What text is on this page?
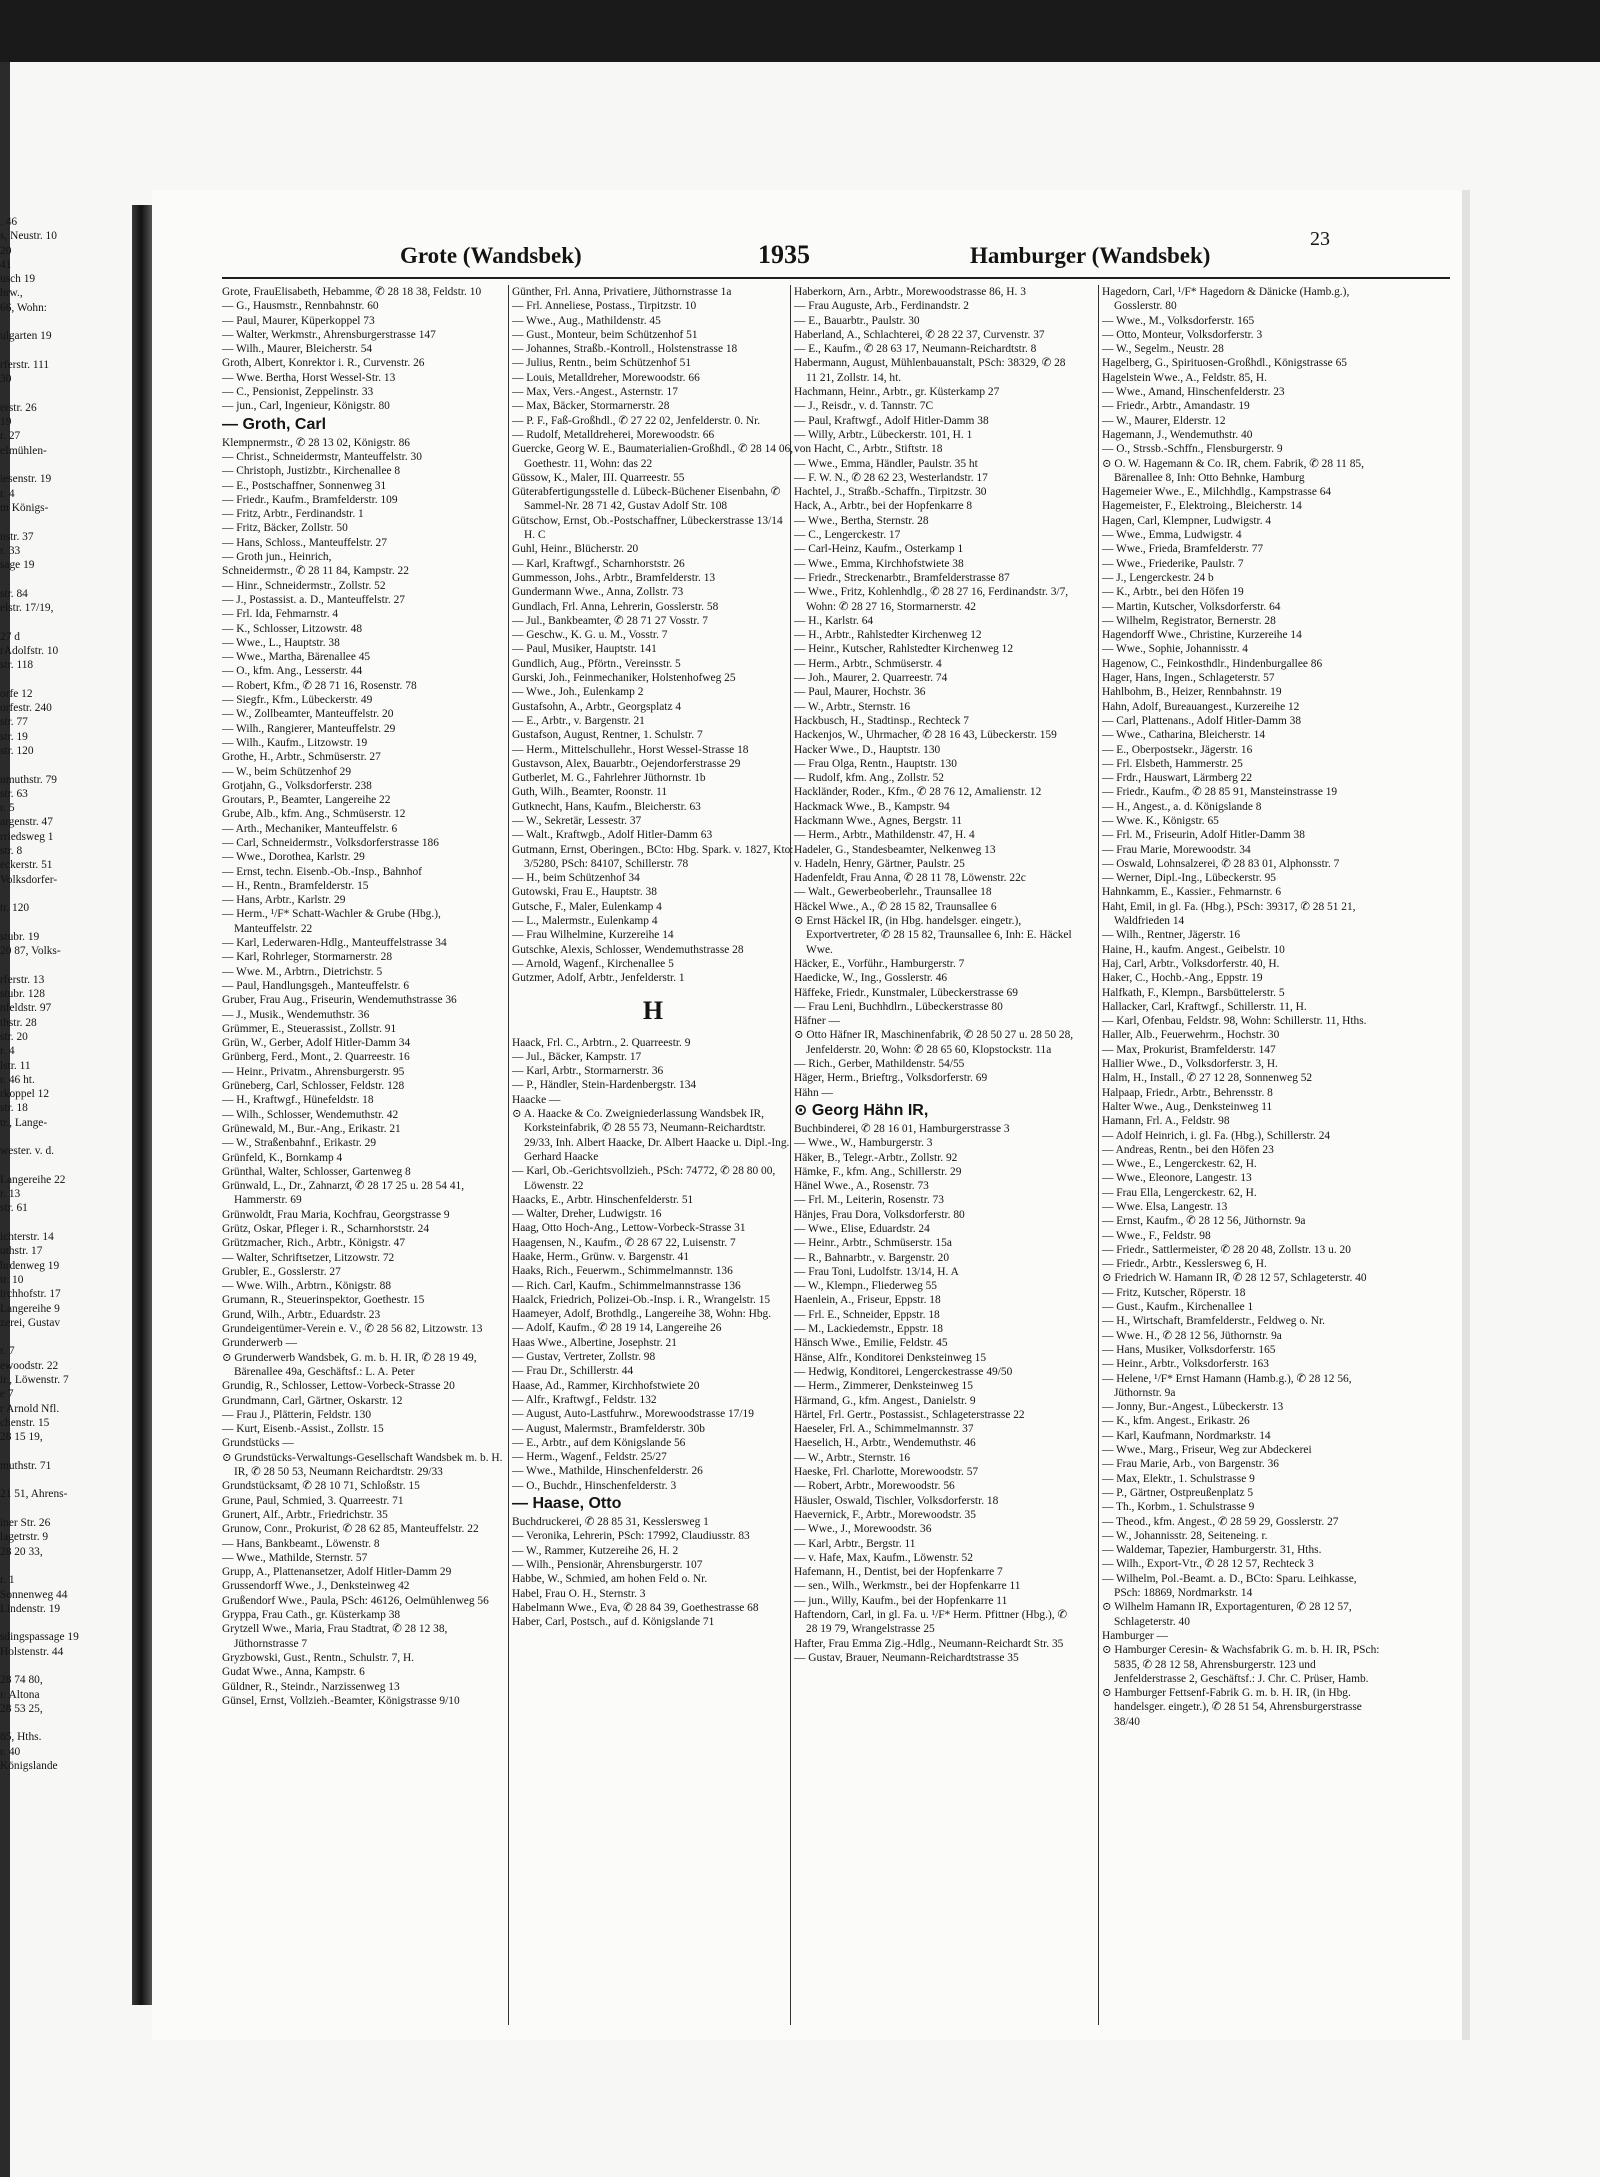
. 46
s, Neustr. 10
20
41
usch 19
hrw.,
66, Wohn:

ulgarten 19

rferstr. 111
30

erstr. 26
19
r. 27
eImühlen-

iesenstr. 19
r. 4
m Königs-

nstr. 37
r. 33
sage 19

str. 84
elstr. 17/19,

27 d
rAdolfstr. 10
str. 118

orfe 12
orfestr. 240
str. 77
str. 19
str. 120

nmuthstr. 79
str. 63
r. 5
argenstr. 47
rriedsweg 1
str. 8
eckerstr. 51
Volksdorfer-

tr. 120

stubr. 19
20 87, Volks-

rferstr. 13
stubr. 128
nfeldstr. 97
thstr. 28
str. 20
r. 4
lstr. 11
r. 46 ht.
rkoppel 12
str. 18
tr., Lange-

wester. v. d.

Langereihe 22
r. 13
str. 61

ichterstr. 14
uthstr. 17
hrdenweg 19
tr. 10
irchhofstr. 17
Langereihe 9
zerei, Gustav

r. 7
ewoodstr. 22
ir., Löwenstr. 7
e 7
r Arnold Nfl.
chenstr. 15
28 15 19,

muthstr. 71

21 51, Ahrens-

iner Str. 26
lagetrstr. 9
28 20 33,

r. 1
Sonnenweg 44
Lindenstr. 19

sdingspassage 19
Holstenstr. 44

28 74 80,
ı: Altona
28 53 25,

85, Hths.
r. 40
Königslande
Grote (Wandsbek)	1935	Hamburger (Wandsbek)
23

Grote, FrauElisabeth, Hebamme, ✆ 28 18 38, Feldstr. 10

— G., Hausmstr., Rennbahnstr. 60

— Paul, Maurer, Küperkoppel 73

— Walter, Werkmstr., Ahrensburgerstrasse 147

— Wilh., Maurer, Bleicherstr. 54

Groth, Albert, Konrektor i. R., Curvenstr. 26

— Wwe. Bertha, Horst Wessel-Str. 13

— C., Pensionist, Zeppelinstr. 33

— jun., Carl, Ingenieur, Königstr. 80

— Groth, Carl

Klempnermstr., ✆ 28 13 02, Königstr. 86

— Christ., Schneidermstr, Manteuffelstr. 30

— Christoph, Justizbtr., Kirchenallee 8

— E., Postschaffner, Sonnenweg 31

— Friedr., Kaufm., Bramfelderstr. 109

— Fritz, Arbtr., Ferdinandstr. 1

— Fritz, Bäcker, Zollstr. 50

— Hans, Schloss., Manteuffelstr. 27

— Groth jun., Heinrich,

Schneidermstr., ✆ 28 11 84, Kampstr. 22

— Hinr., Schneidermstr., Zollstr. 52

— J., Postassist. a. D., Manteuffelstr. 27

— Frl. Ida, Fehmarnstr. 4

— K., Schlosser, Litzowstr. 48

— Wwe., L., Hauptstr. 38

— Wwe., Martha, Bärenallee 45

— O., kfm. Ang., Lesserstr. 44

— Robert, Kfm., ✆ 28 71 16, Rosenstr. 78

— Siegfr., Kfm., Lübeckerstr. 49

— W., Zollbeamter, Manteuffelstr. 20

— Wilh., Rangierer, Manteuffelstr. 29

— Wilh., Kaufm., Litzowstr. 19

Grothe, H., Arbtr., Schmüserstr. 27

— W., beim Schützenhof 29

Grotjahn, G., Volksdorferstr. 238

Groutars, P., Beamter, Langereihe 22

Grube, Alb., kfm. Ang., Schmüserstr. 12

— Arth., Mechaniker, Manteuffelstr. 6

— Carl, Schneidermstr., Volksdorferstrasse 186

— Wwe., Dorothea, Karlstr. 29

— Ernst, techn. Eisenb.-Ob.-Insp., Bahnhof

— H., Rentn., Bramfelderstr. 15

— Hans, Arbtr., Karlstr. 29

— Herm., ¹/F* Schatt-Wachler & Grube (Hbg.), Manteuffelstr. 22

— Karl, Lederwaren-Hdlg., Manteuffelstrasse 34

— Karl, Rohrleger, Stormarnerstr. 28

— Wwe. M., Arbtrn., Dietrichstr. 5

— Paul, Handlungsgeh., Manteuffelstr. 6

Gruber, Frau Aug., Friseurin, Wendemuthstrasse 36

— J., Musik., Wendemuthstr. 36

Grümmer, E., Steuerassist., Zollstr. 91

Grün, W., Gerber, Adolf Hitler-Damm 34

Grünberg, Ferd., Mont., 2. Quarreestr. 16

— Heinr., Privatm., Ahrensburgerstr. 95

Grüneberg, Carl, Schlosser, Feldstr. 128

— H., Kraftwgf., Hünefeldstr. 18

— Wilh., Schlosser, Wendemuthstr. 42

Grünewald, M., Bur.-Ang., Erikastr. 21

— W., Straßenbahnf., Erikastr. 29

Grünfeld, K., Bornkamp 4

Grünthal, Walter, Schlosser, Gartenweg 8

Grünwald, L., Dr., Zahnarzt, ✆ 28 17 25 u. 28 54 41, Hammerstr. 69

Grünwoldt, Frau Maria, Kochfrau, Georgstrasse 9

Grütz, Oskar, Pfleger i. R., Scharnhorststr. 24

Grützmacher, Rich., Arbtr., Königstr. 47

— Walter, Schriftsetzer, Litzowstr. 72

Grubler, E., Gosslerstr. 27

— Wwe. Wilh., Arbtrn., Königstr. 88

Grumann, R., Steuerinspektor, Goethestr. 15

Grund, Wilh., Arbtr., Eduardstr. 23

Grundeigentümer-Verein e. V., ✆ 28 56 82, Litzowstr. 13

Grunderwerb —

⊙ Grunderwerb Wandsbek, G. m. b. H. IR, ✆ 28 19 49, Bärenallee 49a, Geschäftsf.: L. A. Peter

Grundig, R., Schlosser, Lettow-Vorbeck-Strasse 20

Grundmann, Carl, Gärtner, Oskarstr. 12

— Frau J., Plätterin, Feldstr. 130

— Kurt, Eisenb.-Assist., Zollstr. 15

Grundstücks —

⊙ Grundstücks-Verwaltungs-Gesellschaft Wandsbek m. b. H. IR, ✆ 28 50 53, Neumann Reichardtstr. 29/33

Grundstücksamt, ✆ 28 10 71, Schloßstr. 15

Grune, Paul, Schmied, 3. Quarreestr. 71

Grunert, Alf., Arbtr., Friedrichstr. 35

Grunow, Conr., Prokurist, ✆ 28 62 85, Manteuffelstr. 22

— Hans, Bankbeamt., Löwenstr. 8

— Wwe., Mathilde, Sternstr. 57

Grupp, A., Plattenansetzer, Adolf Hitler-Damm 29

Grussendorff Wwe., J., Denksteinweg 42

Grußendorf Wwe., Paula, PSch: 46126, Oelmühlenweg 56

Gryppa, Frau Cath., gr. Küsterkamp 38

Grytzell Wwe., Maria, Frau Stadtrat, ✆ 28 12 38, Jüthornstrasse 7

Gryzbowski, Gust., Rentn., Schulstr. 7, H.

Gudat Wwe., Anna, Kampstr. 6

Güldner, R., Steindr., Narzissenweg 13

Günsel, Ernst, Vollzieh.-Beamter, Königstrasse 9/10

Günther, Frl. Anna, Privatiere, Jüthornstrasse 1a

— Frl. Anneliese, Postass., Tirpitzstr. 10

— Wwe., Aug., Mathildenstr. 45

— Gust., Monteur, beim Schützenhof 51

— Johannes, Straßb.-Kontroll., Holstenstrasse 18

— Julius, Rentn., beim Schützenhof 51

— Louis, Metalldreher, Morewoodstr. 66

— Max, Vers.-Angest., Asternstr. 17

— Max, Bäcker, Stormarnerstr. 28

— P. F., Faß-Großhdl., ✆ 27 22 02, Jenfelderstr. 0. Nr.

— Rudolf, Metalldreherei, Morewoodstr. 66

Guercke, Georg W. E., Baumaterialien-Großhdl., ✆ 28 14 06, Goethestr. 11, Wohn: das 22

Güssow, K., Maler, III. Quarreestr. 55

Güterabfertigungsstelle d. Lübeck-Büchener Eisenbahn, ✆ Sammel-Nr. 28 71 42, Gustav Adolf Str. 108

Gütschow, Ernst, Ob.-Postschaffner, Lübeckerstrasse 13/14 H. C

Guhl, Heinr., Blücherstr. 20

— Karl, Kraftwgf., Scharnhorststr. 26

Gummesson, Johs., Arbtr., Bramfelderstr. 13

Gundermann Wwe., Anna, Zollstr. 73

Gundlach, Frl. Anna, Lehrerin, Gosslerstr. 58

— Jul., Bankbeamter, ✆ 28 71 27 Vosstr. 7

— Geschw., K. G. u. M., Vosstr. 7

— Paul, Musiker, Hauptstr. 141

Gundlich, Aug., Pförtn., Vereinsstr. 5

Gurski, Joh., Feinmechaniker, Holstenhofweg 25

— Wwe., Joh., Eulenkamp 2

Gustafsohn, A., Arbtr., Georgsplatz 4

— E., Arbtr., v. Bargenstr. 21

Gustafson, August, Rentner, 1. Schulstr. 7

— Herm., Mittelschullehr., Horst Wessel-Strasse 18

Gustavson, Alex, Bauarbtr., Oejendorferstrasse 29

Gutberlet, M. G., Fahrlehrer Jüthornstr. 1b

Guth, Wilh., Beamter, Roonstr. 11

Gutknecht, Hans, Kaufm., Bleicherstr. 63

— W., Sekretär, Lessestr. 37

— Walt., Kraftwgb., Adolf Hitler-Damm 63

Gutmann, Ernst, Oberingen., BCto: Hbg. Spark. v. 1827, Kto: 3/5280, PSch: 84107, Schillerstr. 78

— H., beim Schützenhof 34

Gutowski, Frau E., Hauptstr. 38

Gutsche, F., Maler, Eulenkamp 4

— L., Malermstr., Eulenkamp 4

— Frau Wilhelmine, Kurzereihe 14

Gutschke, Alexis, Schlosser, Wendemuthstrasse 28

— Arnold, Wagenf., Kirchenallee 5

Gutzmer, Adolf, Arbtr., Jenfelderstr. 1

H

Haack, Frl. C., Arbtrn., 2. Quarreestr. 9

— Jul., Bäcker, Kampstr. 17

— Karl, Arbtr., Stormarnerstr. 36

— P., Händler, Stein-Hardenbergstr. 134

Haacke —

⊙ A. Haacke & Co. Zweigniederlassung Wandsbek IR, Korksteinfabrik, ✆ 28 55 73, Neumann-Reichardtstr. 29/33, Inh. Albert Haacke, Dr. Albert Haacke u. Dipl.-Ing. Gerhard Haacke

— Karl, Ob.-Gerichtsvollzieh., PSch: 74772, ✆ 28 80 00, Löwenstr. 22

Haacks, E., Arbtr. Hinschenfelderstr. 51

— Walter, Dreher, Ludwigstr. 16

Haag, Otto Hoch-Ang., Lettow-Vorbeck-Strasse 31

Haagensen, N., Kaufm., ✆ 28 67 22, Luisenstr. 7

Haake, Herm., Grünw. v. Bargenstr. 41

Haaks, Rich., Feuerwm., Schimmelmannstr. 136

— Rich. Carl, Kaufm., Schimmelmannstrasse 136

Haalck, Friedrich, Polizei-Ob.-Insp. i. R., Wrangelstr. 15

Haameyer, Adolf, Brothdlg., Langereihe 38, Wohn: Hbg.

— Adolf, Kaufm., ✆ 28 19 14, Langereihe 26

Haas Wwe., Albertine, Josephstr. 21

— Gustav, Vertreter, Zollstr. 98

— Frau Dr., Schillerstr. 44

Haase, Ad., Rammer, Kirchhofstwiete 20

— Alfr., Kraftwgf., Feldstr. 132

— August, Auto-Lastfuhrw., Morewoodstrasse 17/19

— August, Malermstr., Bramfelderstr. 30b

— E., Arbtr., auf dem Königslande 56

— Herm., Wagenf., Feldstr. 25/27

— Wwe., Mathilde, Hinschenfelderstr. 26

— O., Buchdr., Hinschenfelderstr. 3

— Haase, Otto

Buchdruckerei, ✆ 28 85 31, Kesslersweg 1

— Veronika, Lehrerin, PSch: 17992, Claudiusstr. 83

— W., Rammer, Kutzereihe 26, H. 2

— Wilh., Pensionär, Ahrensburgerstr. 107

Habbe, W., Schmied, am hohen Feld o. Nr.

Habel, Frau O. H., Sternstr. 3

Habelmann Wwe., Eva, ✆ 28 84 39, Goethestrasse 68

Haber, Carl, Postsch., auf d. Königslande 71

Haberkorn, Arn., Arbtr., Morewoodstrasse 86, H. 3

— Frau Auguste, Arb., Ferdinandstr. 2

— E., Bauarbtr., Paulstr. 30

Haberland, A., Schlachterei, ✆ 28 22 37, Curvenstr. 37

— E., Kaufm., ✆ 28 63 17, Neumann-Reichardtstr. 8

Habermann, August, Mühlenbauanstalt, PSch: 38329, ✆ 28 11 21, Zollstr. 14, ht.

Hachmann, Heinr., Arbtr., gr. Küsterkamp 27

— J., Reisdr., v. d. Tannstr. 7C

— Paul, Kraftwgf., Adolf Hitler-Damm 38

— Willy, Arbtr., Lübeckerstr. 101, H. 1

von Hacht, C., Arbtr., Stiftstr. 18

— Wwe., Emma, Händler, Paulstr. 35 ht

— F. W. N., ✆ 28 62 23, Westerlandstr. 17

Hachtel, J., Straßb.-Schaffn., Tirpitzstr. 30

Hack, A., Arbtr., bei der Hopfenkarre 8

— Wwe., Bertha, Sternstr. 28

— C., Lengerckestr. 17

— Carl-Heinz, Kaufm., Osterkamp 1

— Wwe., Emma, Kirchhofstwiete 38

— Friedr., Streckenarbtr., Bramfelderstrasse 87

— Wwe., Fritz, Kohlenhdlg., ✆ 28 27 16, Ferdinandstr. 3/7, Wohn: ✆ 28 27 16, Stormarnerstr. 42

— H., Karlstr. 64

— H., Arbtr., Rahlstedter Kirchenweg 12

— Heinr., Kutscher, Rahlstedter Kirchenweg 12

— Herm., Arbtr., Schmüserstr. 4

— Joh., Maurer, 2. Quarreestr. 74

— Paul, Maurer, Hochstr. 36

— W., Arbtr., Sternstr. 16

Hackbusch, H., Stadtinsp., Rechteck 7

Hackenjos, W., Uhrmacher, ✆ 28 16 43, Lübeckerstr. 159

Hacker Wwe., D., Hauptstr. 130

— Frau Olga, Rentn., Hauptstr. 130

— Rudolf, kfm. Ang., Zollstr. 52

Hackländer, Roder., Kfm., ✆ 28 76 12, Amalienstr. 12

Hackmack Wwe., B., Kampstr. 94

Hackmann Wwe., Agnes, Bergstr. 11

— Herm., Arbtr., Mathildenstr. 47, H. 4

Hadeler, G., Standesbeamter, Nelkenweg 13

v. Hadeln, Henry, Gärtner, Paulstr. 25

Hadenfeldt, Frau Anna, ✆ 28 11 78, Löwenstr. 22c

— Walt., Gewerbeoberlehr., Traunsallee 18

Häckel Wwe., A., ✆ 28 15 82, Traunsallee 6

⊙ Ernst Häckel IR, (in Hbg. handelsger. eingetr.), Exportvertreter, ✆ 28 15 82, Traunsallee 6, Inh: E. Häckel Wwe.

Häcker, E., Vorführ., Hamburgerstr. 7

Haedicke, W., Ing., Gosslerstr. 46

Häffeke, Friedr., Kunstmaler, Lübeckerstrasse 69

— Frau Leni, Buchhdlrn., Lübeckerstrasse 80

Häfner —

⊙ Otto Häfner IR, Maschinenfabrik, ✆ 28 50 27 u. 28 50 28, Jenfelderstr. 20, Wohn: ✆ 28 65 60, Klopstockstr. 11a

— Rich., Gerber, Mathildenstr. 54/55

Häger, Herm., Brieftrg., Volksdorferstr. 69

Hähn —

⊙ Georg Hähn IR,

Buchbinderei, ✆ 28 16 01, Hamburgerstrasse 3

— Wwe., W., Hamburgerstr. 3

Häker, B., Telegr.-Arbtr., Zollstr. 92

Hämke, F., kfm. Ang., Schillerstr. 29

Hänel Wwe., A., Rosenstr. 73

— Frl. M., Leiterin, Rosenstr. 73

Hänjes, Frau Dora, Volksdorferstr. 80

— Wwe., Elise, Eduardstr. 24

— Heinr., Arbtr., Schmüserstr. 15a

— R., Bahnarbtr., v. Bargenstr. 20

— Frau Toni, Ludolfstr. 13/14, H. A

— W., Klempn., Fliederweg 55

Haenlein, A., Friseur, Eppstr. 18

— Frl. E., Schneider, Eppstr. 18

— M., Lackiedemstr., Eppstr. 18

Hänsch Wwe., Emilie, Feldstr. 45

Hänse, Alfr., Konditorei Denksteinweg 15

— Hedwig, Konditorei, Lengerckestrasse 49/50

— Herm., Zimmerer, Denksteinweg 15

Härmand, G., kfm. Angest., Danielstr. 9

Härtel, Frl. Gertr., Postassist., Schlageterstrasse 22

Haeseler, Frl. A., Schimmelmannstr. 37

Haeselich, H., Arbtr., Wendemuthstr. 46

— W., Arbtr., Sternstr. 16

Haeske, Frl. Charlotte, Morewoodstr. 57

— Robert, Arbtr., Morewoodstr. 56

Häusler, Oswald, Tischler, Volksdorferstr. 18

Haevernick, F., Arbtr., Morewoodstr. 35

— Wwe., J., Morewoodstr. 36

— Karl, Arbtr., Bergstr. 11

— v. Hafe, Max, Kaufm., Löwenstr. 52

Hafemann, H., Dentist, bei der Hopfenkarre 7

— sen., Wilh., Werkmstr., bei der Hopfenkarre 11

— jun., Willy, Kaufm., bei der Hopfenkarre 11

Haftendorn, Carl, in gl. Fa. u. ¹/F* Herm. Pfittner (Hbg.), ✆ 28 19 79, Wrangelstrasse 25

Hafter, Frau Emma Zig.-Hdlg., Neumann-Reichardt Str. 35

— Gustav, Brauer, Neumann-Reichardtstrasse 35

Hagedorn, Carl, ¹/F* Hagedorn & Dänicke (Hamb.g.), Gosslerstr. 80

— Wwe., M., Volksdorferstr. 165

— Otto, Monteur, Volksdorferstr. 3

— W., Segelm., Neustr. 28

Hagelberg, G., Spirituosen-Großhdl., Königstrasse 65

Hagelstein Wwe., A., Feldstr. 85, H.

— Wwe., Amand, Hinschenfelderstr. 23

— Friedr., Arbtr., Amandastr. 19

— W., Maurer, Elderstr. 12

Hagemann, J., Wendemuthstr. 40

— O., Strssb.-Schffn., Flensburgerstr. 9

⊙ O. W. Hagemann & Co. IR, chem. Fabrik, ✆ 28 11 85, Bärenallee 8, Inh: Otto Behnke, Hamburg

Hagemeier Wwe., E., Milchhdlg., Kampstrasse 64

Hagemeister, F., Elektroing., Bleicherstr. 14

Hagen, Carl, Klempner, Ludwigstr. 4

— Wwe., Emma, Ludwigstr. 4

— Wwe., Frieda, Bramfelderstr. 77

— Wwe., Friederike, Paulstr. 7

— J., Lengerckestr. 24 b

— K., Arbtr., bei den Höfen 19

— Martin, Kutscher, Volksdorferstr. 64

— Wilhelm, Registrator, Bernerstr. 28

Hagendorff Wwe., Christine, Kurzereihe 14

— Wwe., Sophie, Johannisstr. 4

Hagenow, C., Feinkosthdlr., Hindenburgallee 86

Hager, Hans, Ingen., Schlageterstr. 57

Hahlbohm, B., Heizer, Rennbahnstr. 19

Hahn, Adolf, Bureauangest., Kurzereihe 12

— Carl, Plattenans., Adolf Hitler-Damm 38

— Wwe., Catharina, Bleicherstr. 14

— E., Oberpostsekr., Jägerstr. 16

— Frl. Elsbeth, Hammerstr. 25

— Frdr., Hauswart, Lärmberg 22

— Friedr., Kaufm., ✆ 28 85 91, Mansteinstrasse 19

— H., Angest., a. d. Königslande 8

— Wwe. K., Königstr. 65

— Frl. M., Friseurin, Adolf Hitler-Damm 38

— Frau Marie, Morewoodstr. 34

— Oswald, Lohnsalzerei, ✆ 28 83 01, Alphonsstr. 7

— Werner, Dipl.-Ing., Lübeckerstr. 95

Hahnkamm, E., Kassier., Fehmarnstr. 6

Haht, Emil, in gl. Fa. (Hbg.), PSch: 39317, ✆ 28 51 21, Waldfrieden 14

— Wilh., Rentner, Jägerstr. 16

Haine, H., kaufm. Angest., Geibelstr. 10

Haj, Carl, Arbtr., Volksdorferstr. 40, H.

Haker, C., Hochb.-Ang., Eppstr. 19

Halfkath, F., Klempn., Barsbüttelerstr. 5

Hallacker, Carl, Kraftwgf., Schillerstr. 11, H.

— Karl, Ofenbau, Feldstr. 98, Wohn: Schillerstr. 11, Hths.

Haller, Alb., Feuerwehrm., Hochstr. 30

— Max, Prokurist, Bramfelderstr. 147

Hallier Wwe., D., Volksdorferstr. 3, H.

Halm, H., Install., ✆ 27 12 28, Sonnenweg 52

Halpaap, Friedr., Arbtr., Behrensstr. 8

Halter Wwe., Aug., Denksteinweg 11

Hamann, Frl. A., Feldstr. 98

— Adolf Heinrich, i. gl. Fa. (Hbg.), Schillerstr. 24

— Andreas, Rentn., bei den Höfen 23

— Wwe., E., Lengerckestr. 62, H.

— Wwe., Eleonore, Langestr. 13

— Frau Ella, Lengerckestr. 62, H.

— Wwe. Elsa, Langestr. 13

— Ernst, Kaufm., ✆ 28 12 56, Jüthornstr. 9a

— Wwe., F., Feldstr. 98

— Friedr., Sattlermeister, ✆ 28 20 48, Zollstr. 13 u. 20

— Friedr., Arbtr., Kesslersweg 6, H.

⊙ Friedrich W. Hamann IR, ✆ 28 12 57, Schlageterstr. 40

— Fritz, Kutscher, Röperstr. 18

— Gust., Kaufm., Kirchenallee 1

— H., Wirtschaft, Bramfelderstr., Feldweg o. Nr.

— Wwe. H., ✆ 28 12 56, Jüthornstr. 9a

— Hans, Musiker, Volksdorferstr. 165

— Heinr., Arbtr., Volksdorferstr. 163

— Helene, ¹/F* Ernst Hamann (Hamb.g.), ✆ 28 12 56, Jüthornstr. 9a

— Jonny, Bur.-Angest., Lübeckerstr. 13

— K., kfm. Angest., Erikastr. 26

— Karl, Kaufmann, Nordmarkstr. 14

— Wwe., Marg., Friseur, Weg zur Abdeckerei

— Frau Marie, Arb., von Bargenstr. 36

— Max, Elektr., 1. Schulstrasse 9

— P., Gärtner, Ostpreußenplatz 5

— Th., Korbm., 1. Schulstrasse 9

— Theod., kfm. Angest., ✆ 28 59 29, Gosslerstr. 27

— W., Johannisstr. 28, Seiteneing. r.

— Waldemar, Tapezier, Hamburgerstr. 31, Hths.

— Wilh., Export-Vtr., ✆ 28 12 57, Rechteck 3

— Wilhelm, Pol.-Beamt. a. D., BCto: Sparu. Leihkasse, PSch: 18869, Nordmarkstr. 14

⊙ Wilhelm Hamann IR, Exportagenturen, ✆ 28 12 57, Schlageterstr. 40

Hamburger —

⊙ Hamburger Ceresin- & Wachsfabrik G. m. b. H. IR, PSch: 5835, ✆ 28 12 58, Ahrensburgerstr. 123 und Jenfelderstrasse 2, Geschäftsf.: J. Chr. C. Prüser, Hamb.

⊙ Hamburger Fettsenf-Fabrik G. m. b. H. IR, (in Hbg. handelsger. eingetr.), ✆ 28 51 54, Ahrensburgerstrasse 38/40
